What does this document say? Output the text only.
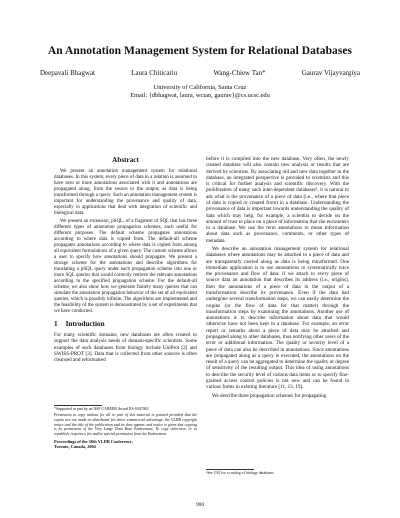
An Annotation Management System for Relational Databases
Deepavali Bhagwat	Laura Chiticariu	Wang-Chiew Tan*	Gaurav Vijayvargiya
University of California, Santa Cruz
Email: {dbhagwat, laura, wctan, gaurav}@cs.ucsc.edu
Abstract

We present an annotation management system for relational databases. In this system, every piece of data in a relation is assumed to have zero or more annotations associated with it and annotations are propagated along, from the source to the output, as data is being transformed through a query. Such an annotation management system is important for understanding the provenance and quality of data, especially in applications that deal with integration of scientific and biological data.

We present an extension, pSQL, of a fragment of SQL that has three different types of annotation propagation schemes, each useful for different purposes. The default scheme propagates annotations according to where data is copied from. The default-all scheme propagates annotations according to where data is copied from among all equivalent formulations of a given query. The custom scheme allows a user to specify how annotations should propagate. We present a storage scheme for the annotations and describe algorithms for translating a pSQL query under each propagation scheme into one or more SQL queries that would correctly retrieve the relevant annotations according to the specified propagation scheme. For the default-all scheme, we also show how we generate finitely many queries that can simulate the annotation propagation behavior of the set of all equivalent queries, which is possibly infinite. The algorithms are implemented and the feasibility of the system is demonstrated by a set of experiments that we have conducted.

1 Introduction

For many scientific domains, new databases are often created to support the data analysis needs of domain-specific scientists. Some examples of such databases from biology include UniProt [2] and SWISS-PROT [3]. Data that is collected from other sources is often cleansed and reformatted

*Supported in part by an NSF CAREER Award IIS-0347065.
Permission to copy without fee all or part of this material is granted provided that the copies are not made or distributed for direct commercial advantage, the VLDB copyright notice and the title of the publication and its date appear, and notice is given that copying is by permission of the Very Large Data Base Endowment. To copy otherwise, or to republish, requires a fee and/or special permission from the Endowment.
Proceedings of the 30th VLDB Conference,
Toronto, Canada, 2004

before it is compiled into the new database. Very often, the newly created database will also contain new analysis or results that are derived by scientists. By associating old and new data together in the database, an integrated perspective is provided to scientists and this is critical for further analysis and scientific discovery. With the proliferation of many such inter-dependent databases¹, it is natural to ask what is the provenance of a piece of data (i.e., where that piece of data is copied or created from) in a database. Understanding the provenance of data is important towards understanding the quality of data which may help, for example, a scientist to decide on the amount of trust to place on a piece of information that she encounters in a database. We use the term annotations to mean information about data such as provenance, comments, or other types of metadata.

We describe an annotation management system for relational databases where annotations may be attached to a piece of data and are transparently carried along as data is being transformed. One immediate application is to use annotations to systematically trace the provenance and flow of data: if we attach to every piece of source data an annotation that describes its address (i.e., origins), then the annotations of a piece of data in the output of a transformation describe its provenance. Even if the data had undergone several transformation steps, we can easily determine the origins (or the flow of data for that matter) through the transformation steps by examining the annotations. Another use of annotations is to describe information about data that would otherwise have not been kept in a database. For example, an error report or remarks about a piece of data may be attached and propagated along to other databases, thus notifying other users of the error or additional information. The quality or security level of a piece of data can also be described in annotations. Since annotations are propagated along as a query is executed, the annotations on the result of a query can be aggregated to determine the quality or degree of sensitivity of the resulting output. This idea of using annotations to describe the security level of various data items or to specify fine-grained access control policies is not new and can be found in various forms in existing literature [11, 13, 19].

We describe three propagation schemes for propagating

¹See [10] for a catalog of biology databases.
900
